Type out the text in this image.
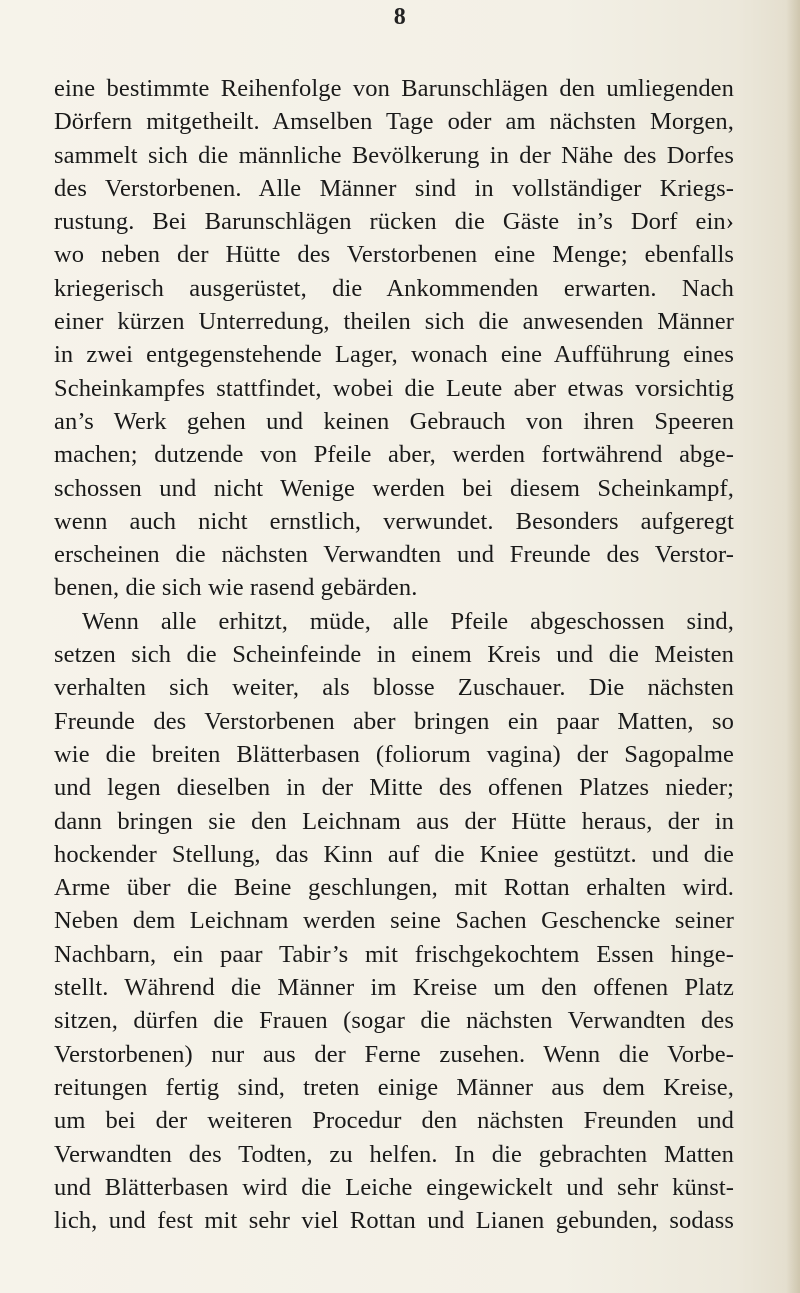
8
eine bestimmte Reihenfolge von Barunschlägen den umliegenden
Dörfern mitgetheilt. Amselben Tage oder am nächsten Morgen,
sammelt sich die männliche Bevölkerung in der Nähe des Dorfes
des Verstorbenen. Alle Männer sind in vollständiger Kriegs-
rustung. Bei Barunschlägen rücken die Gäste in’s Dorf ein›
wo neben der Hütte des Verstorbenen eine Menge; ebenfalls
kriegerisch ausgerüstet, die Ankommenden erwarten. Nach
einer kürzen Unterredung, theilen sich die anwesenden Männer
in zwei entgegenstehende Lager, wonach eine Aufführung eines
Scheinkampfes stattfindet, wobei die Leute aber etwas vorsichtig
an’s Werk gehen und keinen Gebrauch von ihren Speeren
machen; dutzende von Pfeile aber, werden fortwährend abge-
schossen und nicht Wenige werden bei diesem Scheinkampf,
wenn auch nicht ernstlich, verwundet. Besonders aufgeregt
erscheinen die nächsten Verwandten und Freunde des Verstor-
benen, die sich wie rasend gebärden.
Wenn alle erhitzt, müde, alle Pfeile abgeschossen sind,
setzen sich die Scheinfeinde in einem Kreis und die Meisten
verhalten sich weiter, als blosse Zuschauer. Die nächsten
Freunde des Verstorbenen aber bringen ein paar Matten, so
wie die breiten Blätterbasen (foliorum vagina) der Sagopalme
und legen dieselben in der Mitte des offenen Platzes nieder;
dann bringen sie den Leichnam aus der Hütte heraus, der in
hockender Stellung, das Kinn auf die Kniee gestützt. und die
Arme über die Beine geschlungen, mit Rottan erhalten wird.
Neben dem Leichnam werden seine Sachen Geschencke seiner
Nachbarn, ein paar Tabir’s mit frischgekochtem Essen hinge-
stellt. Während die Männer im Kreise um den offenen Platz
sitzen, dürfen die Frauen (sogar die nächsten Verwandten des
Verstorbenen) nur aus der Ferne zusehen. Wenn die Vorbe-
reitungen fertig sind, treten einige Männer aus dem Kreise,
um bei der weiteren Procedur den nächsten Freunden und
Verwandten des Todten, zu helfen. In die gebrachten Matten
und Blätterbasen wird die Leiche eingewickelt und sehr künst-
lich, und fest mit sehr viel Rottan und Lianen gebunden, sodass
